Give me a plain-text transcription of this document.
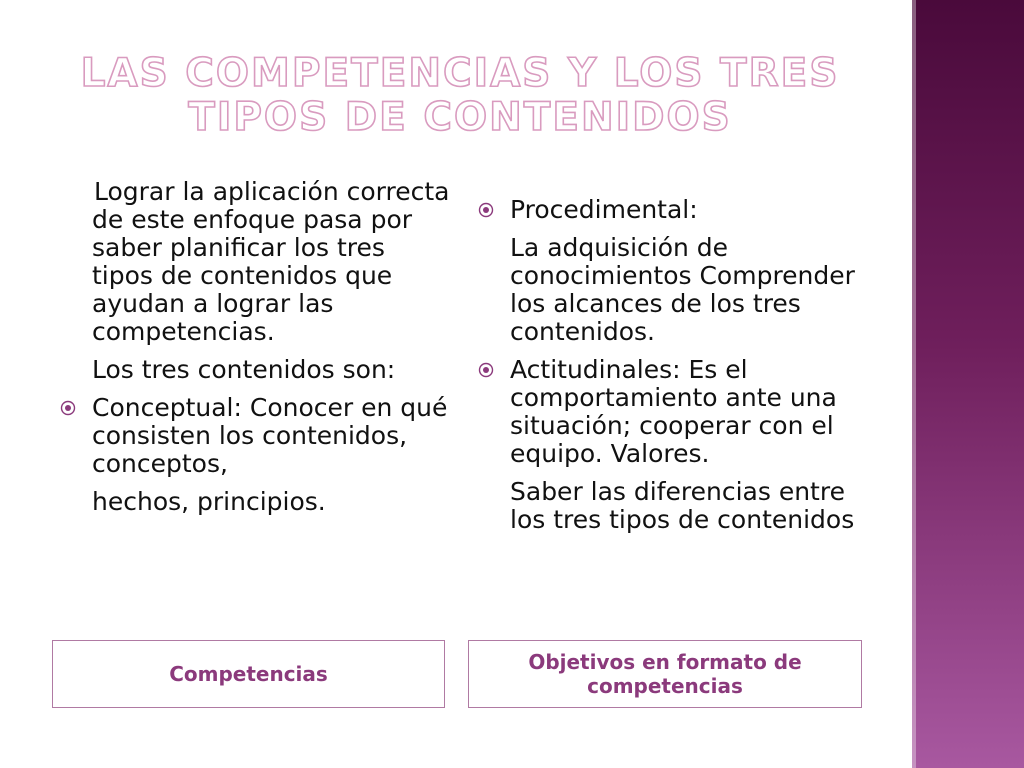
LAS COMPETENCIAS Y LOS TRES TIPOS DE CONTENIDOS

Lograr la aplicación correcta de este enfoque pasa por saber planificar los tres tipos de contenidos que ayudan a lograr las competencias.

Los tres contenidos son:

Conceptual: Conocer en qué consisten los contenidos, conceptos,

hechos, principios.

Procedimental:

La adquisición de conocimientos Comprender los alcances de los tres contenidos.

Actitudinales: Es el comportamiento ante una situación; cooperar con el equipo. Valores.

Saber las diferencias entre los tres tipos de contenidos

Competencias	Objetivos en formato de competencias
